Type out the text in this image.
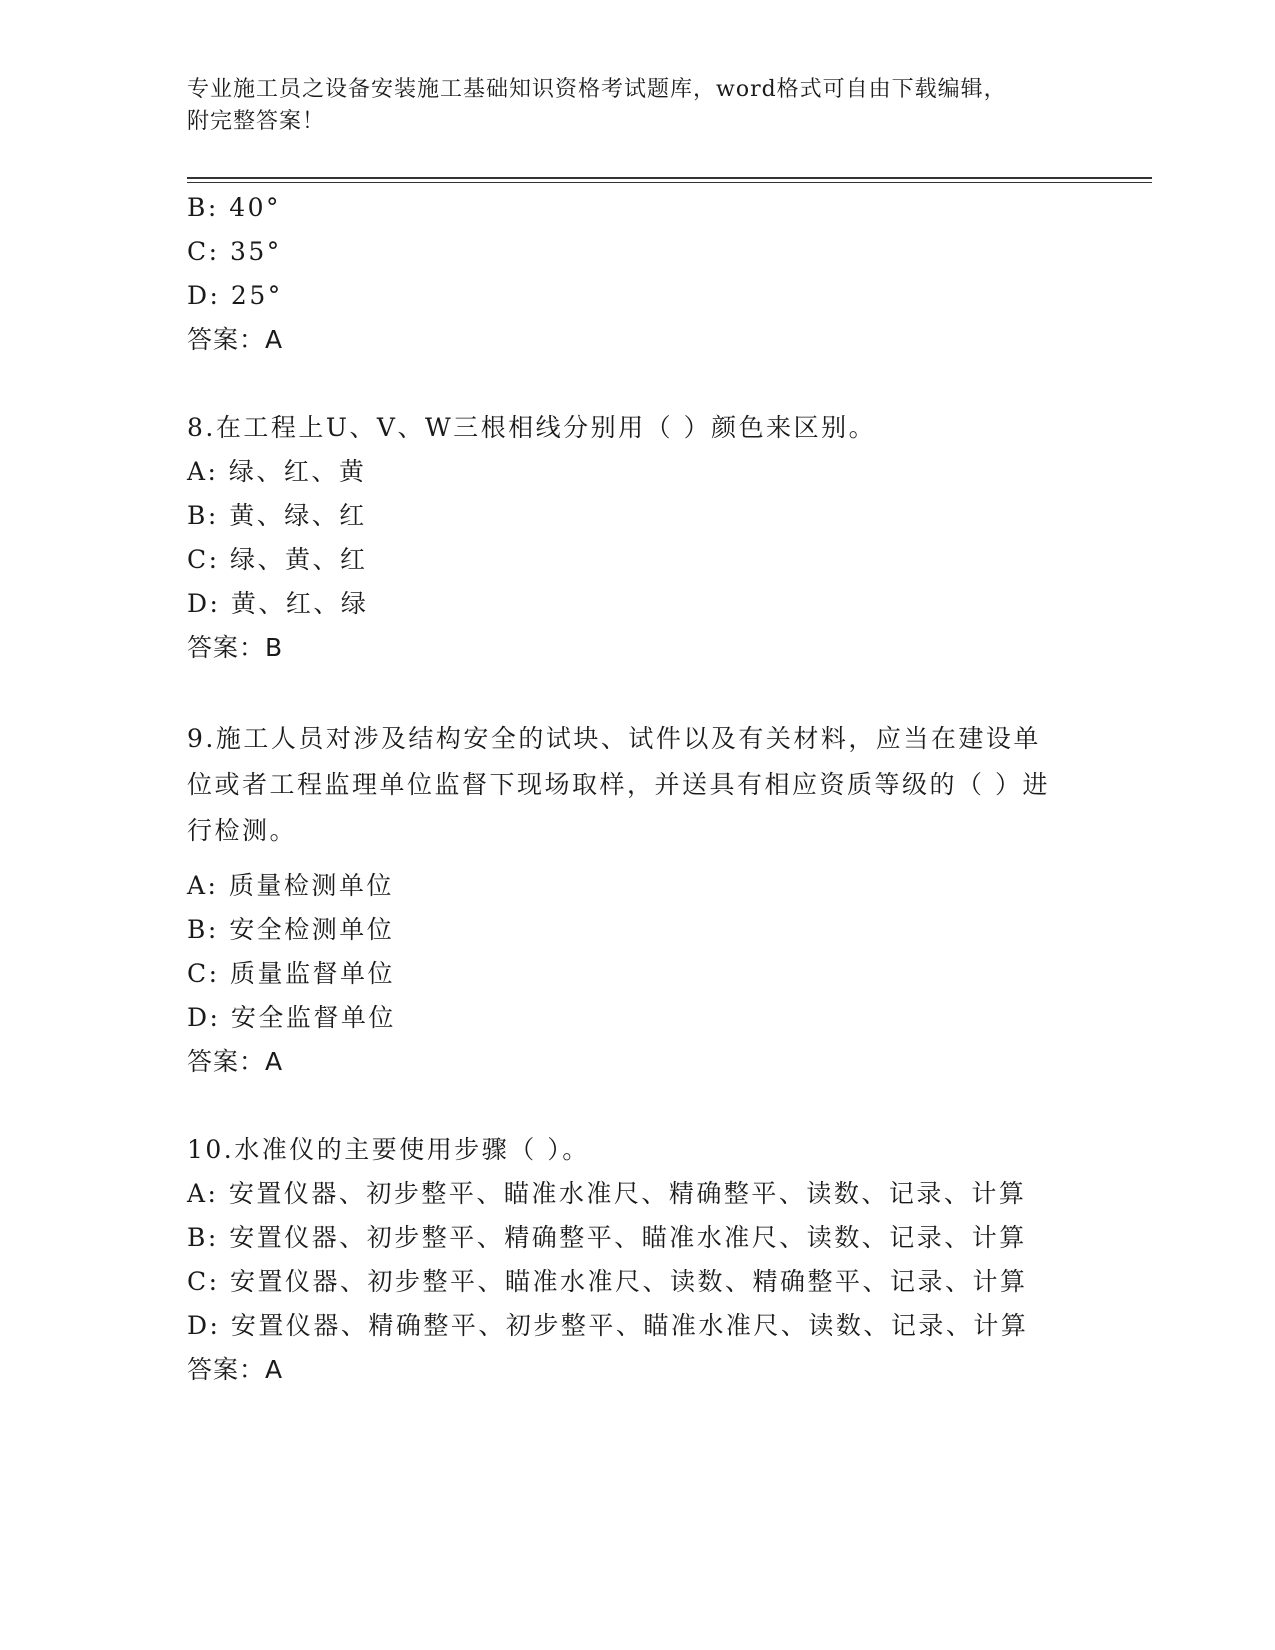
专业施工员之设备安装施工基础知识资格考试题库，word格式可自由下载编辑，
附完整答案！
B: 40°
C: 35°
D: 25°
答案：A
8.在工程上U、V、W三根相线分别用（ ）颜色来区别。
A: 绿、红、黄
B: 黄、绿、红
C: 绿、黄、红
D: 黄、红、绿
答案：B
9.施工人员对涉及结构安全的试块、试件以及有关材料，应当在建设单位或者工程监理单位监督下现场取样，并送具有相应资质等级的（ ）进行检测。
A: 质量检测单位
B: 安全检测单位
C: 质量监督单位
D: 安全监督单位
答案：A
10.水准仪的主要使用步骤（ ）。
A: 安置仪器、初步整平、瞄准水准尺、精确整平、读数、记录、计算
B: 安置仪器、初步整平、精确整平、瞄准水准尺、读数、记录、计算
C: 安置仪器、初步整平、瞄准水准尺、读数、精确整平、记录、计算
D: 安置仪器、精确整平、初步整平、瞄准水准尺、读数、记录、计算
答案：A
